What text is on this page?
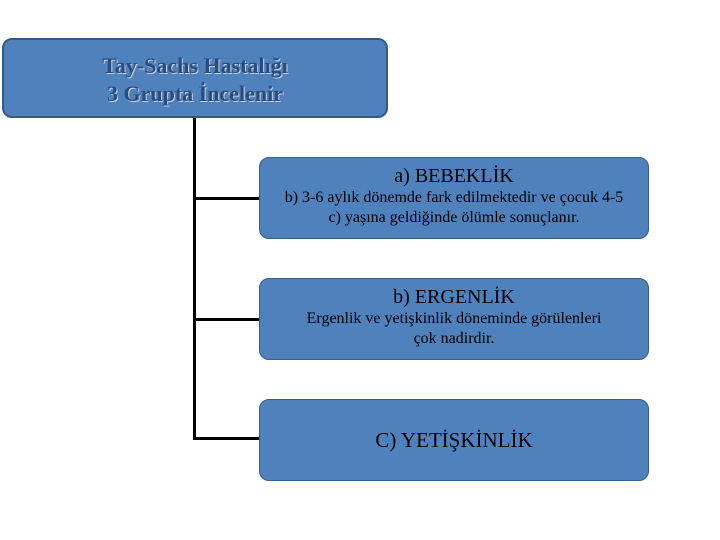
Tay-Sachs Hastalığı
3 Grupta İncelenir
a) BEBEKLİK
b) 3-6 aylık dönemde fark edilmektedir ve çocuk 4-5
c) yaşına geldiğinde ölümle sonuçlanır.
b) ERGENLİK
Ergenlik ve yetişkinlik döneminde görülenleri
çok nadirdir.
C) YETİŞKİNLİK
